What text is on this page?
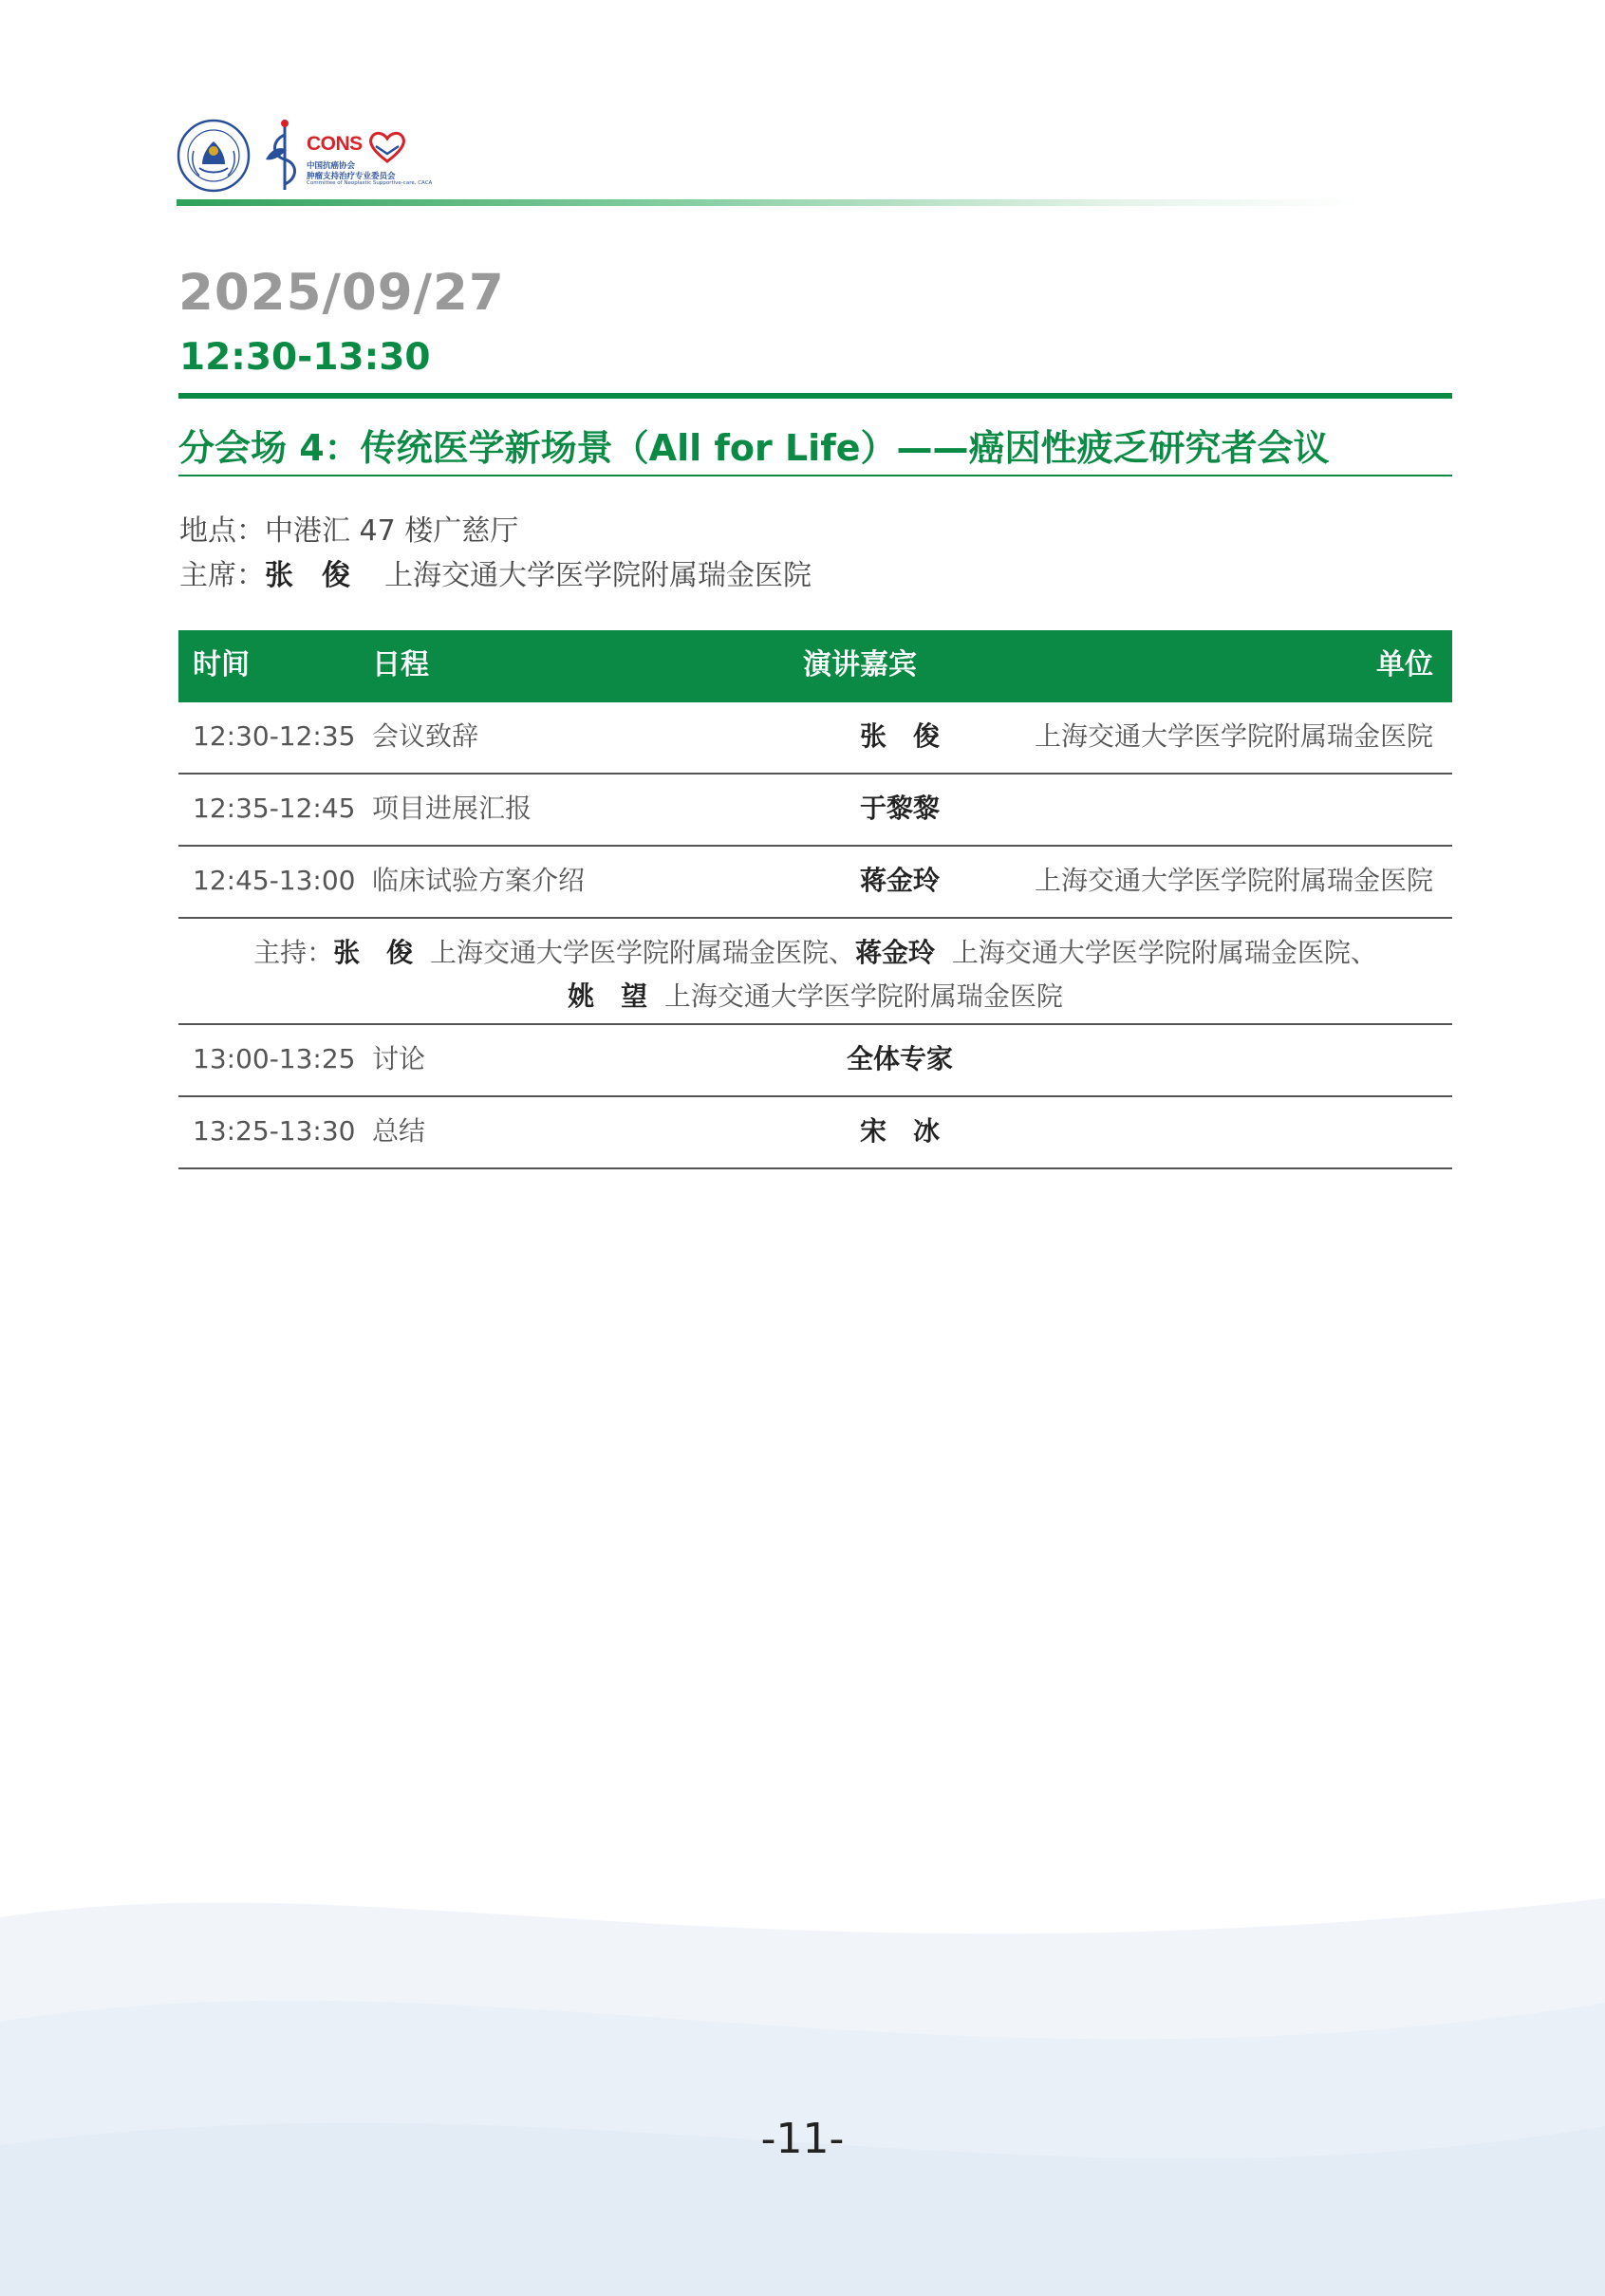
CONS
中国抗癌协会
肿瘤支持治疗专业委员会
Committee of Neoplastic Supportive-care, CACA
2025/09/27
12:30-13:30
分会场 4：传统医学新场景（All for Life）——癌因性疲乏研究者会议
地点：中港汇 47 楼广慈厅
主席：张　俊 上海交通大学医学院附属瑞金医院
时间	日程	演讲嘉宾	单位
12:30-12:35 会议致辞	张　俊	上海交通大学医学院附属瑞金医院
12:35-12:45 项目进展汇报	于黎黎
12:45-13:00 临床试验方案介绍	蒋金玲	上海交通大学医学院附属瑞金医院
主持：张　俊 上海交通大学医学院附属瑞金医院、蒋金玲 上海交通大学医学院附属瑞金医院、
姚　望 上海交通大学医学院附属瑞金医院
13:00-13:25 讨论	全体专家
13:25-13:30 总结	宋　冰
-11-
